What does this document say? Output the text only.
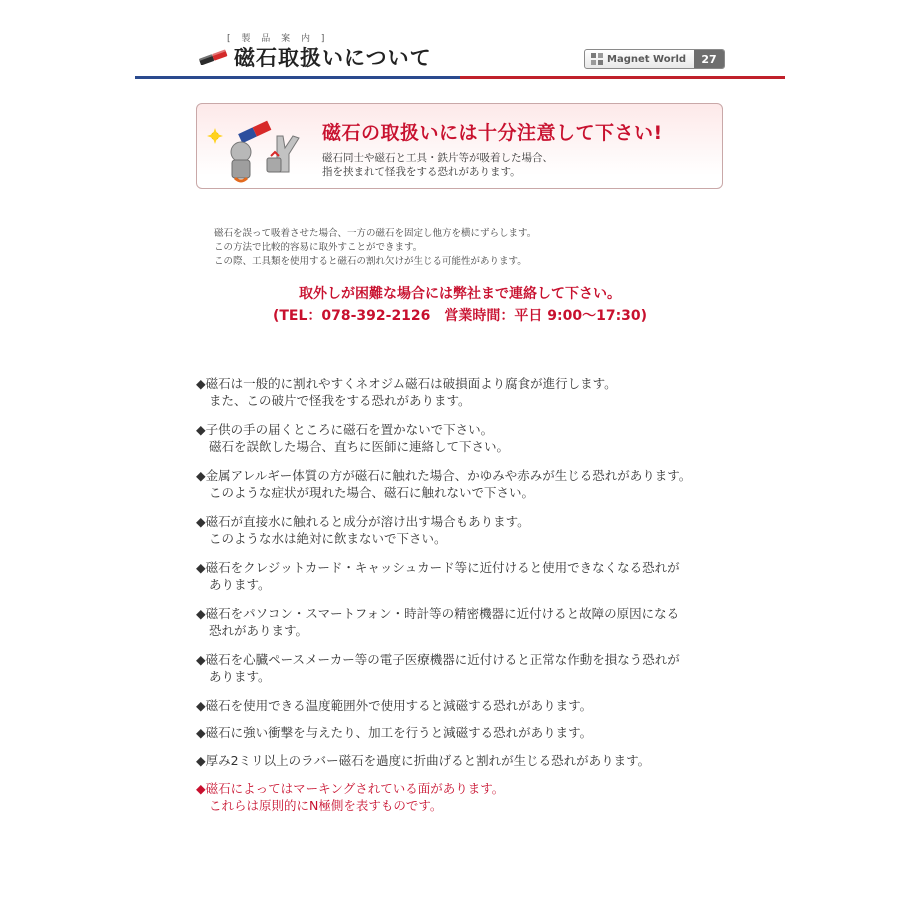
[ 製 品 案 内 ]
磁石取扱いについて	Magnet World	27
磁石の取扱いには十分注意して下さい!
磁石同士や磁石と工具・鉄片等が吸着した場合、
指を挟まれて怪我をする恐れがあります。
磁石を誤って吸着させた場合、一方の磁石を固定し他方を横にずらします。
この方法で比較的容易に取外すことができます。
この際、工具類を使用すると磁石の割れ欠けが生じる可能性があります。
取外しが困難な場合には弊社まで連絡して下さい。
(TEL：078-392-2126　営業時間：平日 9:00～17:30)
◆磁石は一般的に割れやすくネオジム磁石は破損面より腐食が進行します。
また、この破片で怪我をする恐れがあります。
◆子供の手の届くところに磁石を置かないで下さい。
磁石を誤飲した場合、直ちに医師に連絡して下さい。
◆金属アレルギー体質の方が磁石に触れた場合、かゆみや赤みが生じる恐れがあります。
このような症状が現れた場合、磁石に触れないで下さい。
◆磁石が直接水に触れると成分が溶け出す場合もあります。
このような水は絶対に飲まないで下さい。
◆磁石をクレジットカード・キャッシュカード等に近付けると使用できなくなる恐れが
あります。
◆磁石をパソコン・スマートフォン・時計等の精密機器に近付けると故障の原因になる
恐れがあります。
◆磁石を心臓ペースメーカー等の電子医療機器に近付けると正常な作動を損なう恐れが
あります。
◆磁石を使用できる温度範囲外で使用すると減磁する恐れがあります。
◆磁石に強い衝撃を与えたり、加工を行うと減磁する恐れがあります。
◆厚み2ミリ以上のラバー磁石を過度に折曲げると割れが生じる恐れがあります。
◆磁石によってはマーキングされている面があります。
これらは原則的にN極側を表すものです。
